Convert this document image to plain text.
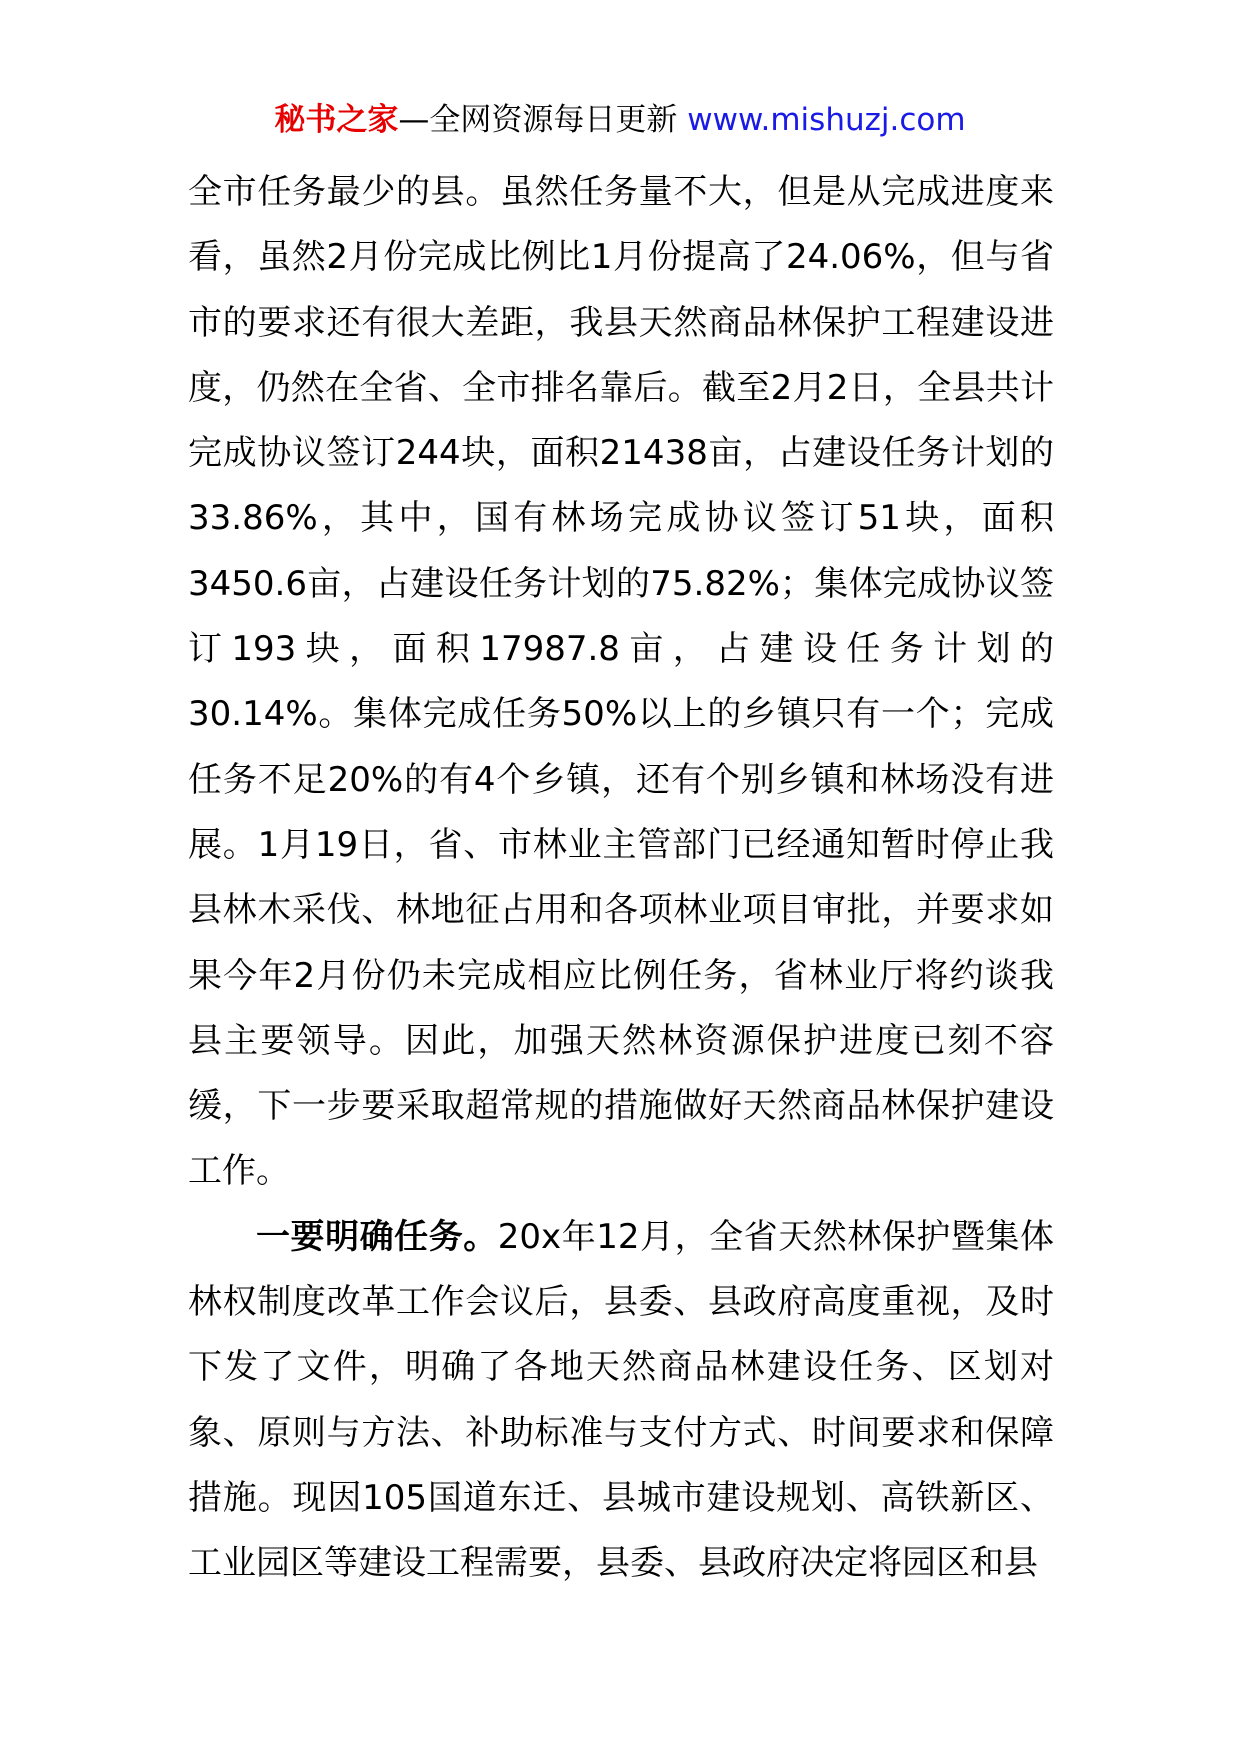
秘书之家—全网资源每日更新 www.mishuzj.com

全市任务最少的县。虽然任务量不大，但是从完成进度来看，虽然2月份完成比例比1月份提高了24.06%，但与省市的要求还有很大差距，我县天然商品林保护工程建设进度，仍然在全省、全市排名靠后。截至2月2日，全县共计完成协议签订244块，面积21438亩，占建设任务计划的33.86%，其中，国有林场完成协议签订51块，面积3450.6亩，占建设任务计划的75.82%；集体完成协议签订193块，面积17987.8亩，占建设任务计划的30.14%。集体完成任务50%以上的乡镇只有一个；完成任务不足20%的有4个乡镇，还有个别乡镇和林场没有进展。1月19日，省、市林业主管部门已经通知暂时停止我县林木采伐、林地征占用和各项林业项目审批，并要求如果今年2月份仍未完成相应比例任务，省林业厅将约谈我县主要领导。因此，加强天然林资源保护进度已刻不容缓，下一步要采取超常规的措施做好天然商品林保护建设工作。

一要明确任务。20x年12月，全省天然林保护暨集体林权制度改革工作会议后，县委、县政府高度重视，及时下发了文件，明确了各地天然商品林建设任务、区划对象、原则与方法、补助标准与支付方式、时间要求和保障措施。现因105国道东迁、县城市建设规划、高铁新区、工业园区等建设工程需要，县委、县政府决定将园区和县
